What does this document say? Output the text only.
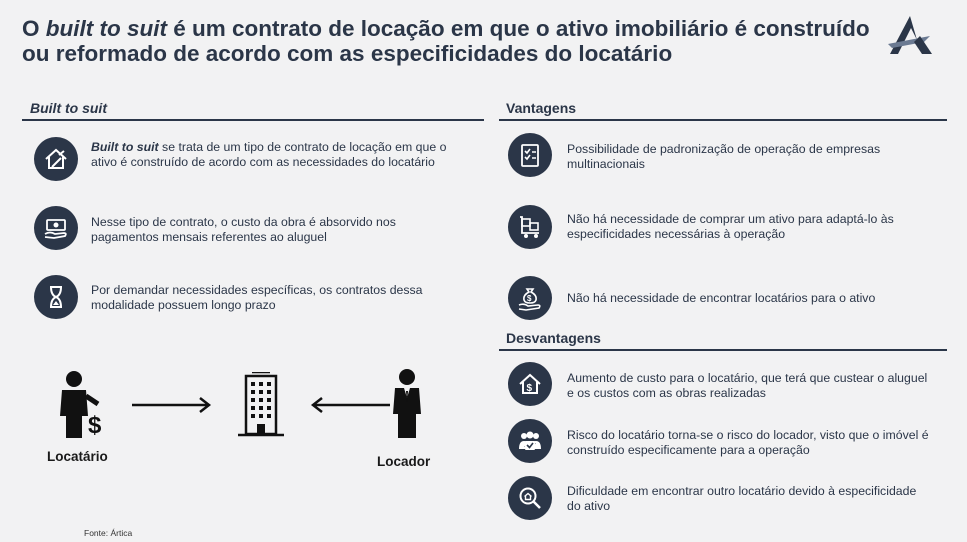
O built to suit é um contrato de locação em que o ativo imobiliário é construído ou reformado de acordo com as especificidades do locatário
Built to suit
Built to suit se trata de um tipo de contrato de locação em que o ativo é construído de acordo com as necessidades do locatário
Nesse tipo de contrato, o custo da obra é absorvido nos pagamentos mensais referentes ao aluguel
Por demandar necessidades específicas, os contratos dessa modalidade possuem longo prazo
$
Locatário	Locador
Fonte: Ártica
Vantagens
Possibilidade de padronização de operação de empresas multinacionais
Não há necessidade de comprar um ativo para adaptá-lo às especificidades necessárias à operação
$	Não há necessidade de encontrar locatários para o ativo
Desvantagens
$
Aumento de custo para o locatário, que terá que custear o aluguel e os custos com as obras realizadas
Risco do locatário torna-se o risco do locador, visto que o imóvel é construído especificamente para a operação
Dificuldade em encontrar outro locatário devido à especificidade do ativo
